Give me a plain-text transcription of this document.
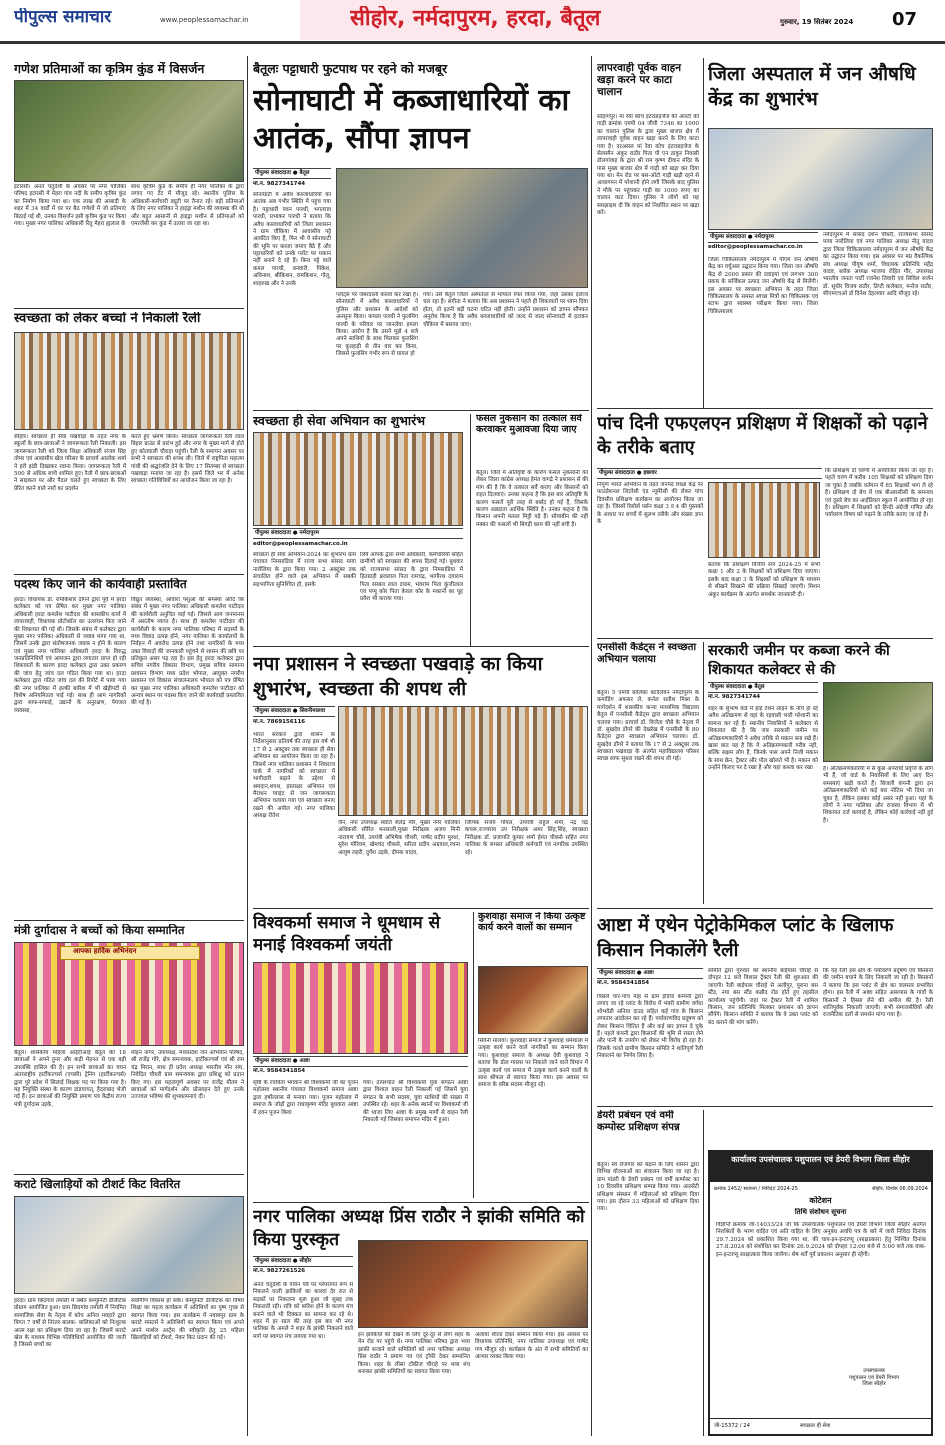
पीपुल्स समाचार	www.peoplessamachar.in	सीहोर, नर्मदापुरम, हरदा, बैतूल	गुरुवार, 19 सितंबर 2024	07
गणेश प्रतिमाओं का कृत्रिम कुंड में विसर्जन
इटारसी। अनंत चतुर्दशी के अवसर पर नगर पालिका परिषद इटारसी में मेहरा गांव नदी के समीप कृत्रिम कुंड का निर्माण किया गया था। एक लाख की आबादी के शहर में 34 वार्डों में घर पर बैठ गणेशों में जो प्रतिमाएं बिठाई गई थी, उनका विसर्जन इसी कृत्रिम कुंड पर किया गया। मुख्य नगर पालिका अधिकारी रितु मेहरा ह्यलाल के
साथ कृत्रिम कुंड के समीप ही नगर पालिका के द्वारा लगाए गए टेंट में मौजूद रहे। स्थानीय पुलिस के अधिकारी-कर्मचारी ड्यूटी पर तैनात रहे। बड़ी प्रतिमाओं के लिए नगर पालिका ने हाइड्रा मशीन की व्यवस्था की थी और बहुत आसानी से हाइड्रा मशीन से प्रतिमाओं को एमरजेंसी कर कुंड में उतारा जा रहा था।
स्वच्छता को लेकर बच्चों ने निकाली रैली
सीहोर। स्वच्छता ही सेवा पखवाड़ा के तहत नगर के स्कूलों के छात्र-छात्राओं ने जागरूकता रैली निकाली। इस जागरूकता रैली को जिला शिक्षा अधिकारी संजय सिंह तोमर एवं आवासीय खेल परिसर के प्राचार्य आलोक शर्मा ने हरी झंडी दिखाकर रवाना किया। जागरूकता रैली में 500 से अधिक बच्चे शामिल हुए। रैली में छात्र-छात्राओं ने साइकल पर और पैदल चलते हुए स्वच्छता के लिए प्रेरित करने वाले नारों का प्रदर्शन
करते हुए भ्रमण किया। स्वच्छता जागरूकता रैली लाल बिहार ग्राउंड से प्रारंभ हुई और नगर के मुख्य मार्ग से होते हुए कोतवाली चौराहा पहुंची। रैली के समापन अवसर पर सभी ने स्वच्छता की शपथ ली। जिले में राष्ट्रपिता महात्मा गांधी की श्रद्धांजलि देने के लिए 17 सितम्बर से स्वच्छता पखवाड़ा मनाया जा रहा है। इसमें जिले भर में अनेक स्वच्छता गतिविधियों का आयोजन किया जा रहा है।
पदस्थ किए जाने की कार्यवाही प्रस्तावित
हरदा। विधायक डॉ. रामकिशोर दोगने द्वारा पूर्व में हरदा कलेक्टर को पत्र प्रेषित कर मुख्य नगर पालिका अधिकारी हरदा कमलेश पाटीदार की शासकीय कार्य में लापरवाही, विधायक प्रोटोकॉल का उल्लंघन किए जाने की शिकायत की गई थी। जिसके संबंध में कलेक्टर द्वारा मुख्य नगर पालिका अधिकारी से जवाब मांगा गया था, जिसमें उनके द्वारा संतोषजनक जवाब न होने के कारण एवं मुख्य नगर पालिका अधिकारी हरदा के विरुद्ध जनप्रतिनिधियों एवं आमजन द्वारा लगातार प्राप्त हो रही शिकायतों के कारण हरदा कलेक्टर द्वारा उक्त प्रकरण की जांच हेतु जांच दल गठित किया गया था। हरदा कलेक्टर द्वारा गठित जांच दल की रिपोर्ट में पाया गया की नगर पालिका में हल्की बारिश में भी खेड़ीपटी से विशेष अनियमितता पाई गई। साथ ही आम नागरिकों द्वारा साफ-सफाई, उद्यानों के अनुरक्षण, पेयजल व्यवस्था,
विद्युत व्यवस्था, आवारा पशुओं की समस्या आदि कि संबंध में मुख्य नगर पालिका अधिकारी कमलेश पाटीदार की कार्यशैली अनुचित पाई गई। जिससे आम जनमानस में असंतोष व्याप्त है। साथ ही कमलेश पाटीदार की कार्यशैली के कारण नगर पालिका परिषद में सदस्यों के मध्य विवाद उत्पन्न होने, नगर पालिका के कार्यालयों के निर्वहन में अवरोध उत्पन्न होने तथा नागरिकों के मध्य उक्त विवादों की जानकारी पहुंचने से शासन की छवि पर प्रतिकूल असर पड़ रहा है। इस हेतु हरदा कलेक्टर द्वारा सचिव नगरीय विकास विभाग, प्रमुख सचिव सामान्य प्रशासन विभाग मध्य प्रदेश भोपाल, आयुक्त नगरीय प्रशासन एवं विकास संचालनालय भोपाल को पत्र प्रेषित कर मुख्य नगर पालिका अधिकारी कमलेश पाटीदार को अन्यत्र स्थान पर पदस्थ किए जाने की कार्यवाही प्रस्तावित की गई है।
मंत्री दुर्गादास ने बच्चों को किया सम्मानित
आपका हार्दिक अभिनंदन
बैतूल। शासकीय महिला आईटीआई बैतूल की 18 छात्राओं ने अपने हुनर और कड़ी मेहनत से एक बड़ी उपलब्धि हासिल की है। इन सभी छात्राओं का चयन अंतरराष्ट्रीय हार्टीकल्चर्स (एचसी) ट्रेनिंग (हार्टीकल्चर्स) द्वारा पूरे प्रदेश में सिलाई शिक्षक पद पर किया गया है। यह नियुक्ति संस्था के कारण डांडयाचत्, हैदराबाद भेजी गई हैं। इन छात्राओं की नियुक्ति प्रमाण पत्र केंद्रीय राज्य मंत्री दुर्गादास उइके,
मोहन नागर, उपाध्यक्ष, मध्यप्रदेश जन अभियान परिषद, श्री राजेंद्र गोरे, क्षेत्र समन्वयक, हार्टीकल्चर्स एवं श्री राम चंद्र मिरान, साथ ही प्रदेश अध्यक्ष भारतीय मॉन संघ, निवेदित चौधरी ग्राम समन्वयक द्वारा प्रशिक्षु को प्रदान किए गए। इस महत्वपूर्ण अवसर पर राजेंद्र मौतम ने छात्राओं को मार्गदर्शन और प्रोत्साहन देते हुए उनके उज्ज्वल भविष्य की शुभकामनाएं दीं।
कराटे खिलाड़ियों को टीशर्ट किट वितरित
हरदा। ग्राम छिदगांव तमोली में स्थित कम्युनिटी डीजीटेक प्रोग्राम आयोजित हुआ। ग्राम छिदगांव तमोली में नियमित सामाजिक सेवा के नेतृत्व में कोच अनिल मवहारे द्वारा विगत 7 वर्षों से निरंतर बालक- बालिकाओं को निःशुल्क आत्म रक्षा का प्रशिक्षण दिया जा रहा है। जिसमें कराटे खेल के माध्यम विभिन्न गतिविधियों आयोजित की जाती है जिससे बच्चों का
सर्वांगीण विकास हो सके। कम्युनिटी डीजीटेक का विषय शिक्षा का महत्व कार्यक्रम में अतिथियों का पुष्प गुच्छ से स्वागत किया गया। इस कार्यक्रम में नवाबपुर ग्राम के कराटे मास्टर्स ने अतिथियों का स्वागत किया एवं अपने अपने मार्शल आर्ट्स की स्वीकृति हेतु 25 महिला खिलाड़ियों को टीशर्ट, नेकर किट प्रदान की गई।
बैतूलः पट्टाधारी फुटपाथ पर रहने को मजबूर
सोनाघाटी में कब्जाधारियों का आतंक, सौंपा ज्ञापन
पीपुल्स संवाददाता ● बैतूल
मो.नं. 9827341744
सोनाघाटी में अवैध कब्जाधारियों का आतंक अब गंभीर स्थिति में पहुंच गया है। पट्टाधारी पवन पारधी, भगतराव पारधी, प्रभाकर पारधी ने बताया कि अवैध कब्जाधारियों को जिला प्रशासन ने ग्राम चौकिया में आवासीय पट्टे आवंटित किए हैं, फिर भी ये सोनाघाटी की भूमि पर कब्जा जमाए बैठे हैं और पट्टाधारियों को उनके प्लॉट पर मकान नहीं बनाने दे रहे हैं। बिना पट्टे वाले कमल पारधी, बनवारी, पिंकेश, अविनाश, श्रीकिशन, रामकिशन, गोलू, शाहरुख और ने उनके
प्लॉट्स पर जबरदस्ती कब्जा कर रखा है। सोनाघाटी में अवैध कब्जाधारियों ने पुलिस और प्रशासन के आदेशों को अनसुना किया। कमला पारधी ने फुलमिंग पारधी के परिवार पर जानलेवा हमला किया। आरोप है कि उसने मुझे 4 बजे अपने साथियों के साथ मिलकर फुलसिंग पर कुल्हाड़ी से तीन वार कर किया, जिससे फुलसिंग गंभीर रूप से घायल हो
गया। उसे बैतूल जिला अस्पताल से भोपाल रेफर किया गया, जहां उसका इलाज चल रहा है। संगीता ने बताया कि अब प्रशासन ने पहले ही शिकायतों पर ध्यान दिया होता, तो इतनी बड़ी घटना घटित नहीं होती। उन्होंने प्रशासन को ज्ञापन सौंपकर अनुरोध किया है कि अवैध कब्जाधारियों को जल्द से जल्द सोनाघाटी से हटाकर चौकिया में बसाया जाए।
स्वच्छता ही सेवा अभियान का शुभारंभ
पीपुल्स संवाददाता ● नर्मदापुरम
editor@peoplessamachar.co.in
स्वच्छता ही सेवा अभियान-2024 का शुभारंभ ग्राम पंचायत निमसाडिया में राज्य सभा सांसद माया नारोलिया के द्वारा किया गया। 2 अक्टूबर तक संचालित होने वाले इस अभियान में सबकी सहभागिता सुनिश्चित हो, इसके
लिये आपके द्वारा सभी अधिकारी, कर्मचारियों सहित ग्रामीणों को स्वच्छता की शपथ दिलाई गई। बुधवार को राज्यसभा सांसद के द्वारा निमसाडिया में हितग्राही ब्रजलाल पिता रामचंद्र, भागीरथ दयाराम पिता रसबल लाल दयाम, भंवराम पिता कुंजीलाल एवं पप्पू कोर पिता केवल कोर के मकानों का पूह प्रवेश भी कराया गया।
फसल नुकसान का तत्काल सर्वे करवाकर मुआवजा दिया जाए
बैतूल। जिले में अतिवृष्टि के कारण फसल नुकसानी को लेकर जिला कांग्रेस अध्यक्ष हेमंत वागद्रे ने प्रशासन से की मांग की है कि वे तत्काल सर्वे कराए और किसानों को राहत दिलवाएं। उनका कहना है कि इस बार अतिवृष्टि के कारण फसलें पूरी तरह से बर्बाद हो गई हैं, जिसके कारण अन्नदाता आर्थिक स्थिति है। उनका कहना है कि किसान अपनी फसल मिट्टी पड़े हैं। सोयाबीन की नहीं मक्का की फसलों भी बिगड़ी काम की नहीं बची है।
नपा प्रशासन ने स्वच्छता पखवाड़े का किया शुभारंभ, स्वच्छता की शपथ ली
पीपुल्स संवाददाता ● सिवनीमालवा
मो.नं. 7869156116
भारत सरकार द्वारा शासन के निर्देशानुसार प्रतिवर्ष की तरह इस वर्ष भी 17 से 2 अक्टूबर तक स्वच्छता ही सेवा अभियान का आयोजन किया जा रहा है। जिसमें नगर पालिका प्रशासन ने शिवराज पार्क में नागरिकों को स्वच्छता में भागीदारी बढ़ाने के उद्देश्य से श्रमदान,शपथ, हस्ताक्षर अभियान एवं मैराथन प्वाइंट से जन जागरूकता अभियान चलाया गया एवं स्वच्छता बनाए रखने की अपील गई। नगर पालिका अध्यक्ष रीतेश
जैन, नपा उपाध्यक्ष स्वाति शैलेंद्र मौर, मुख्य नगर पालिका अधिकारी सौरित भनसाली,मुख्य निरीक्षक अजय मिनी नारायण चौबे, उपयंत्री अभिषेक चौधरी, पार्षद प्रदीप मुरथा, सुरेश मोरियम, खेमचंद चौकसे, सरिता प्रदीप अग्रवाल,रचना आयुष लहरी, दुर्गेश उड़के, दीपक यादव,
लिपिक संजय गोयल, उपयंत्री राहुल शर्मा, नंद्र चंद्र कचरू,राज्यराय उप निरीक्षक अमर सिंह,सिंह, स्वच्छता निरीक्षक डॉ. प्रजापति कुमार शर्मा हेमंत चौकसे सहित नगर पालिका के समस्त अधिकारी कर्मचारी एवं नागरिक उपस्थित रहे।
विश्वकर्मा समाज ने धूमधाम से मनाई विश्वकर्मा जयंती
पीपुल्स संवाददाता ● आष्टा
मो.नं. 9584341854
सृष्टि के रचयिता भगवान श्री विश्वकर्मा जी का पूजन महोत्सव स्थानीय पंचायत विश्वकर्मा समाज आष्टा द्वारा हर्षोल्लास से मनाया गया। पूजन महोत्सव में समाज के जोड़ों द्वारा राधाकृष्ण मंदिर बुधवारा आष्टा में हवन पूजन किया
गया। तत्पश्चात श्री विश्वकर्मा युवा संगठन आष्टा द्वारा विशाल वाहन रैली निकाली गई जिसमें युवा संगठन के सभी सदस्य, युवा साथियों की संख्या में उपस्थित रहे। शहर के अनेक स्थानों पर विश्वकर्मा जी की ध्वजा लिए आष्टा के प्रमुख मार्गों से वाहन रैली निकाली गई जिसका समापन मंदिर में हुआ।
कुशवाहा समाज ने किया उत्कृष्ट कार्य करने वालों का सम्मान
सिवनी मालवा। कुशवाहा समाज ने कुशवाह धर्मशाला में उत्कृष्ट कार्य करने वाले नागरिकों का सम्मान किया गया। कुशवाहा समाज के अध्यक्ष देवी कुशवाहा ने बताया कि डोल ग्यारस पर निकाले जाने वाले विमान में उत्कृष्ट कार्य एवं समाज में उत्कृष्ट कार्य करने वालों के साथ श्रीफल से स्वागत किया गया। इस अवसर पर समाज के वरिष्ठ सदस्य मौजूद रहे।
नगर पालिका अध्यक्ष प्रिंस राठौर ने झांकी समिति को किया पुरस्कृत
पीपुल्स संवाददाता ● सीहोर
मो.नं. 9827261526
अनंत चतुर्दशी के पावन पर्व पर परंपरागत रूप से निकलने वाली झांकियों का कारवां देर रात से सड़कों पर निकलना शुरू हुआ जो सुबह तक निकलती रही। रात्रि को बारिश होने के कारण मंच बनाने वाले भी दिक्कत का सामना कर रहे थे। शहर में हर साल की तरह इस बार भी नगर पालिका के अमले ने शहर के झांकी निकलने वाले मार्ग पर स्वागत मंच लगाया गया था।	इन झांकियों को देखने के लिए दूर-दूर से लोग शहर के मेन रोड पर पहुंचे थे। नगर पालिका परिषद द्वारा भव्य झांकी सजाने वाले समितियों को नगर पालिका अध्यक्ष प्रिंस राठौर ने प्रमाण पत्र एवं ट्रॉफी देकर सम्मानित किया। शहर के लीसा टॉकीज चौराहे पर भव्य मंच बनाकर झांकी समितियों का स्वागत किया गया।
अलावा शील्ड देकर सम्मान किया गया। इस अवसर पर विधायक प्रतिनिधि, नगर पालिका उपाध्यक्ष एवं पार्षद गण मौजूद रहे। कार्यक्रम के अंत में सभी समितियों का आभार व्यक्त किया गया।
लापरवाही पूर्वक वाहन खड़ा करने पर काटा चालान
सोहागपुर। मां रेवा कोच इंटरप्राइजेज की आरटी की गाड़ी क्रमांक एमपी 04 जीयी 7346 का 1000 का चालान पुलिस के द्वारा मुख्य बाजार क्षेत्र में लापरवाही पूर्वक वाहन खड़ा करने के लिए काटा गया है। दरअसल मां रेवा कोच इंटरप्राइजेज के सेल्समैन अंकुर राठौर पिता पी एन ठाकुर निवासी डोलगांवाह के द्वारा श्री राम कृष्ण दीवान मंदिर के पास मुख्य बाजार क्षेत्र में गाड़ी को खड़ा कर दिया गया था। मेन रोड पर बस-ऑटो गाड़ी खड़ी रहने से आवागमन में परेशानी होने लगी जिसके बाद पुलिस ने मौके पर पहुंचकर गाड़ी का 1000 रुपए का चालान काट दिया। पुलिस ने लोगों को यह समझाइश दी कि वाहन को निर्धारित स्थान पर खड़ा करें।
जिला अस्पताल में जन औषधि केंद्र का शुभारंभ
पीपुल्स संवाददाता ● नर्मदापुरम
editor@peoplessamachar.co.in
जिला चिकित्सालय नर्मदापुरम में पीएम जन औषधि केंद्र का वर्चुअल उद्घाटन किया गया। जिला जन औषधि केंद्र से 2000 प्रकार की दवाइयां एवं लगभग 300 प्रकार के सर्जिकल उत्पाद जन औषधि केंद्र से मिलेंगी। इस अवसर पर स्वच्छता अभियान के तहत जिला चिकित्सालय के समस्त स्वच्छ मित्रों का चिकित्सक एवं स्टाफ द्वारा स्वास्थ्य परीक्षण किया गया। जिला चिकित्सालय
नर्मदापुरम में सांसद दर्शन चौधरी, राज्यसभा सांसद माया नारोलिया एवं नगर पालिका अध्यक्ष नीतू यादव द्वारा जिला चिकित्सालय नर्मदापुरम में जन औषधि केंद्र का उद्घाटन किया गया। इस अवसर पर मप्र वैकल्पिक संघ अध्यक्ष पीयूष शर्मा, विधायक प्रतिनिधि महेंद्र यादव, ब्लॉक अध्यक्ष भाजपा रोहित गौर, उपाध्यक्ष भारतीय जनता पार्टी रजनेश तिवारी एवं सिविल सर्जन डॉ. सुधीर विजय राठौर, डिप्टी कलेक्टर, मनोज राठौर, सीएमएचओ डॉ दिनेश देहलवार आदि मौजूद रहे।
पांच दिनी एफएलएन प्रशिक्षण में शिक्षकों को पढ़ाने के तरीके बताए
पीपुल्स संवाददाता ● इछावर
निपुण भारत अभियान के तहत जनपद शिक्षा केंद्र पर फाउंडेशनल लिटरेसी एंड न्यूमेरेसी की लेकर पांच दिवसीय प्रशिक्षण कार्यक्रम का आयोजन किया जा रहा है। जिसमें रिसोर्स पर्सन कक्षा 3 व 4 की पुस्तकों के आधार पर बच्चों में सुलभ तरीके और संख्या ज्ञान के
बताया कि प्रशिक्षण वित्तीय सत्र 2024-25 में सभी कक्षा 1 और 2 के शिक्षकों को प्रशिक्षण दिया जाएगा। इसके बाद कक्षा 3 के शिक्षकों को प्रशिक्षण के माध्यम से सीखने सिखाने की प्रक्रिया सिखाई जाएगी। मिशन अंकुर कार्यक्रम के अंतर्गत समर्थक जानकारी दी।
कि प्रशिक्षण दो चरणों में आयोजित किया जा रहा है। पहले चरण में करीब 105 शिक्षकों को प्रशिक्षण दिया जा चुका है जबकि वर्तमान में 85 शिक्षकों भाग ले रहे हैं। प्रशिक्षण दो बेच में एक बीआरसीसी के समन्वय एवं दूसरे बेच का आईडियल स्कूल में आयोजित हो रहा है। प्रशिक्षण में शिक्षकों को हिन्दी अंग्रेजी गणित और पर्यावरण विषय को पढ़ाने के तरीके बताए जा रहे हैं।
एनसीसी कैडेट्स ने स्वच्छता अभियान चलाया
बैतूल। 5 एमपी बालिका बटालियन नर्मदापुरम के कमांडिंग अफसर ले. कर्नल सतीश मिश्रा के मार्गदर्शन में शासकीय कन्या माध्यमिक विद्यालय बैतूल में एनसीसी कैडेट्स द्वारा स्वच्छता अभियान चलाया गया। प्राचार्य डॉ. विजेता चौबे के नेतृत्व में डॉ. सुखदेव डोंगरे की देखरेख में एनसीसी के 80 कैडेट्स द्वारा स्वच्छता अभियान चलाया। डॉ. सुखदेव डोंगरे ने बताया कि 17 से 2 अक्टूबर तक स्वच्छता पखवाड़ा के अंतर्गत महाविद्यालय परिसर स्वच्छ साफ सुथरा रखने की शपथ ली गई।
सरकारी जमीन पर कब्जा करने की शिकायत कलेक्टर से की
पीपुल्स संवाददाता ● बैतूल
मो.नं. 9827341744
शहर के सुभाष वार्ड में हाई टेंशन लाइन के नीचे हो रहे अवैध अतिक्रमण से वहां के रहवासी भारी परेशानी का सामना कर रहे हैं। स्थानीय निवासियों ने कलेक्टर से शिकायत की है कि जब सरकारी जमीन पर अतिक्रमणकारियों ने अवैध तरीके से मकान बना रखे हैं। खास बात यह है कि ये अतिक्रमणकारी गरीब नहीं, बल्कि सक्षम लोग हैं, जिनके पास अपने निजी मकान के साथ क्रेन, ट्रैक्टर और पोल खोलते भी है। मकान को उन्होंने किराए पर दे रखा है और यहां कब्जा कर रखा	है। अतिक्रमणकारियों में से कुछ अपराधी प्रवृत्ति के लोग भी हैं, जो वार्ड के निवासियों के लिए आए दिन समस्याएं खड़ी करते हैं। बिजली कंपनी द्वारा इन अतिक्रमणकारियों को कई बार नोटिस भी दिया जा चुका है, लेकिन इसका कोई असर नहीं हुआ। यहां के लोगों ने नगर पालिका और राजस्व विभाग में भी शिकायत दर्ज करवाई है, लेकिन कोई कार्रवाई नहीं हुई है।
आष्टा में एथेन पेट्रोकेमिकल प्लांट के खिलाफ किसान निकालेंगे रैली
पीपुल्स संवाददाता ● आष्टा
मो.नं. 9584341854
पिछले चार-पांच माह से ग्राम इंदिया कम्पनी द्वारा लगाए जा रहे प्लांट के विरोध में भंवरी ग्रामीण वर्गधा शोभवेडी अनिया दाउद सहित कई गांव के किसान लगातार आंदोलन कर रहे हैं। पर्यावरणविद प्रदूषण को लेकर किसान चिंतित हैं और कई बार ज्ञापन दे चुके हैं। पहले कंपनी द्वारा किसानों की भूमि से रास्ता लेने और पानी के उपयोग को लेकर भी विरोध हो रहा है। जिसके चलते ग्रामीण किसान समिति ने शांतिपूर्ण रैली निकालने का निर्णय लिया है।
समिति द्वारा गुरुवार को स्थानीय बाईपास चौराहे से दोपहर 12 बजे विशाल ट्रैक्टर रैली की शुरुआत की जाएगी। रैली बाईपास चौराहे से अलीपुर, पुराना बस स्टैंड, नया बस स्टैंड कन्नौद रोड होते हुए तहसील कार्यालय पहुंचेगी। जहां पर ट्रैक्टर रैली में शामिल किसान, जन प्रतिनिधि मिलकर प्रशासन को ज्ञापन सौंपेंगे। किसान समिति ने बताया कि वे उक्त प्लांट को बंद कराने की मांग करेंगे।
कि यह रैली इस क्षेत्र के पर्यावरण प्रदूषण एवं किसानों की जमीन बचाने के लिए निकाली जा रही है। किसानों ने बताया कि इस प्लांट से क्षेत्र का जलस्तर प्रभावित होगा। इस रैली में आष्टा सहित आसपास के गांवों के किसानों ने हिस्सा लेने की अपील की है। रैली शांतिपूर्वक निकाली जाएगी। सभी समाजसेवियों और राजनैतिक दलों से समर्थन मांगा गया है।
डेयरी प्रबंधन एवं वर्मी कम्पोस्ट प्रशिक्षण संपन्न
बैतूल। स्व रोजगार को बढ़ाने के लिए शासन द्वारा विभिन्न योजनाओं का संचालन किया जा रहा है। ग्राम पांडरी के डेयरी प्रबंधन एवं वर्मी कम्पोस्ट का 10 दिवसीय प्रशिक्षण सम्पन्न किया गया। आरसेटी प्रशिक्षण संस्थान में महिलाओं को प्रशिक्षण दिया गया। इस दौरान 33 महिलाओं को प्रशिक्षण दिया गया।
कार्यालय उपसंचालक पशुपालन एवं डेयरी विभाग जिला सीहोर
क्रमांक 1452/ स्थापना / निविदा/ 2024-25	सीहोर, दिनांक 06.09.2024
कोटेशन
तिथि संशोधन सूचना
विज्ञप्ति क्रमांक जी-14033/24 जो कि उपसंचालक पशुपालन एवं डेयरी विभाग जिला सीहोर अंतर्गत निराश्रितों के भरण वाहित एवं अति वाहित के लिए अनुबंध अवधि पत्र के बारे में जारी निविदा दिनांक 29.7.2024 को प्रकाशित किया गया था, की चाय-इन-इन्टरप्यू (साक्षात्कार) हेतु निश्चित दिनांक 27.8.2024 को संशोधित कर दिनांक 26.9.2024 को दोपहर 12:00 बजे से 5:00 बजे तक वाक-इन-इन्टरप्यू साक्षात्कार किया जायेगा। शेष शर्तें पूर्व प्रकाशन अनुसार ही रहेंगी।
उपसंचालक
पशुपालन एवं डेयरी विभाग
जिला सीहोर
जी-15372 / 24	स्वच्छता ही सेवा
